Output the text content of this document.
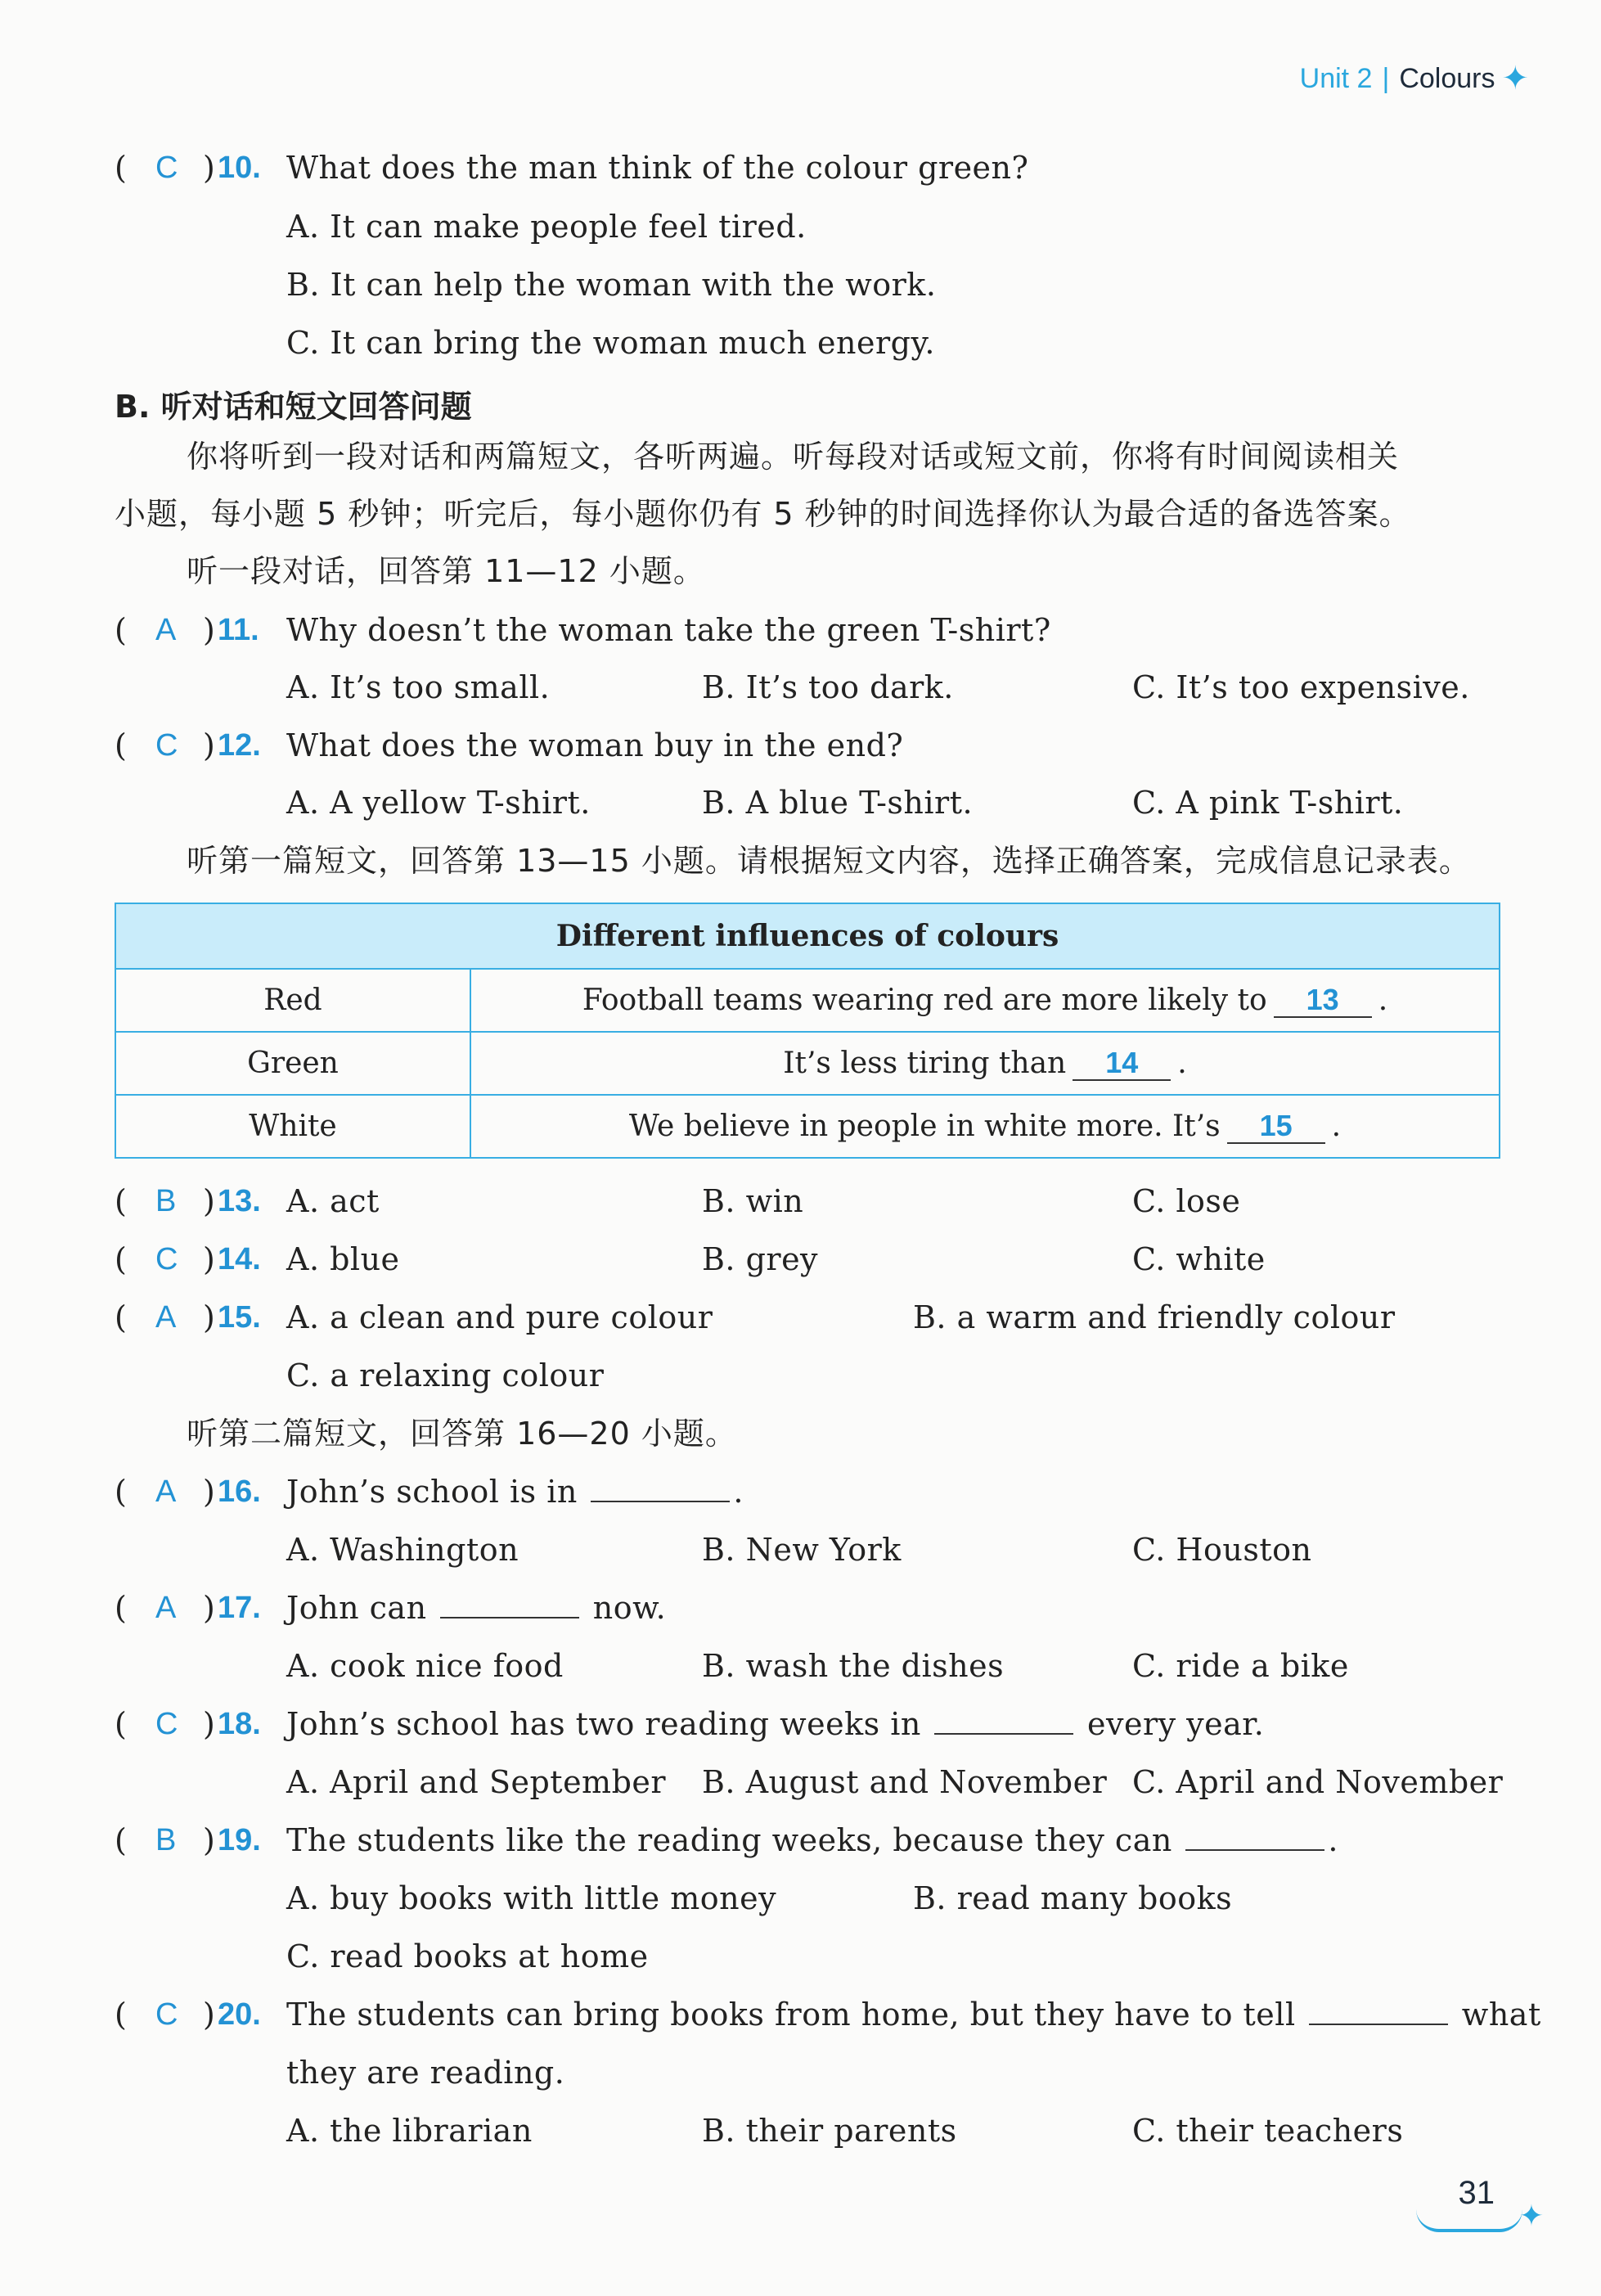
Unit 2 | Colours ✦
( C ) 10. What does the man think of the colour green?
A. It can make people feel tired.
B. It can help the woman with the work.
C. It can bring the woman much energy.
B. 听对话和短文回答问题
你将听到一段对话和两篇短文，各听两遍。听每段对话或短文前，你将有时间阅读相关
小题，每小题 5 秒钟；听完后，每小题你仍有 5 秒钟的时间选择你认为最合适的备选答案。
听一段对话，回答第 11—12 小题。
( A ) 11. Why doesn’t the woman take the green T-shirt?
A. It’s too small.	B. It’s too dark.	C. It’s too expensive.
( C ) 12. What does the woman buy in the end?
A. A yellow T-shirt.	B. A blue T-shirt.	C. A pink T-shirt.
听第一篇短文，回答第 13—15 小题。请根据短文内容，选择正确答案，完成信息记录表。
Different influences of colours	
Red	Football teams wearing red are more likely to 13 .
Green	It’s less tiring than 14 .
White	We believe in people in white more. It’s 15 .
( B ) 13. A. act	B. win	C. lose
( C ) 14. A. blue	B. grey	C. white
( A ) 15. A. a clean and pure colour	B. a warm and friendly colour
C. a relaxing colour
听第二篇短文，回答第 16—20 小题。
( A ) 16. John’s school is in	.
A. Washington	B. New York	C. Houston
( A ) 17. John can	now.
A. cook nice food	B. wash the dishes	C. ride a bike
( C ) 18. John’s school has two reading weeks in	every year.
A. April and September B. August and November C. April and November
( B ) 19. The students like the reading weeks, because they can	.
A. buy books with little money	B. read many books
C. read books at home
( C ) 20. The students can bring books from home, but they have to tell	what
they are reading.
A. the librarian	B. their parents	C. their teachers
31
✦
